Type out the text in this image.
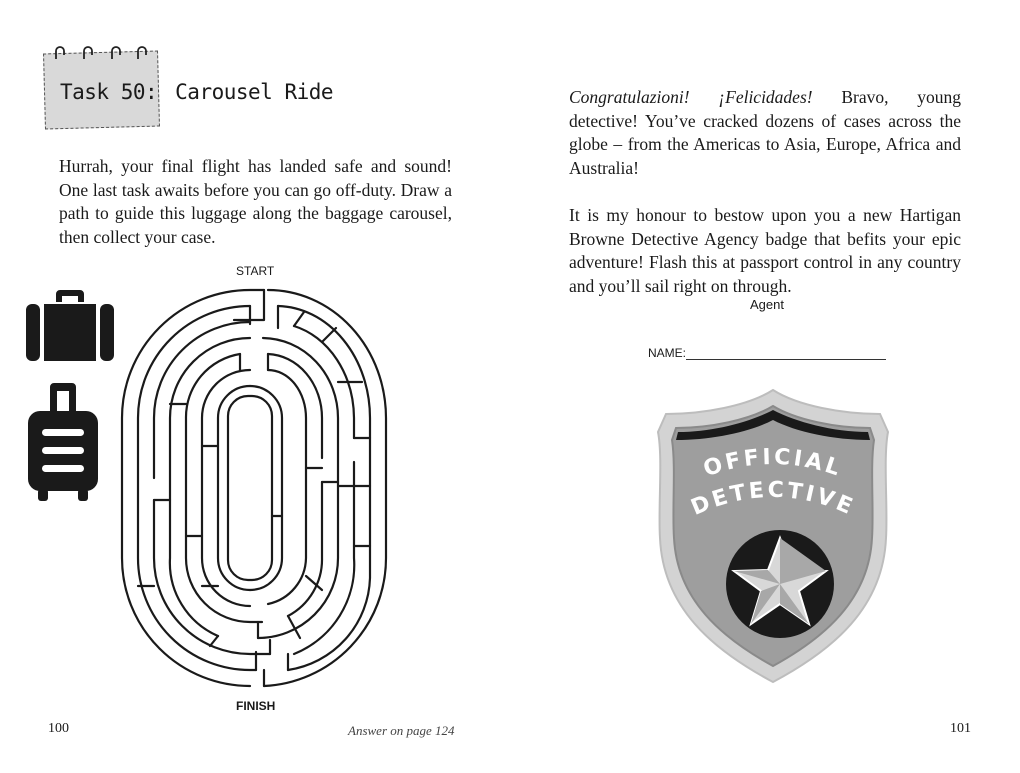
Task 50: Carousel Ride
Hurrah, your final flight has landed safe and sound! One last task awaits before you can go off-duty. Draw a path to guide this luggage along the baggage carousel, then collect your case.
START
FINISH
100	Answer on page 124

Congratulazioni! ¡Felicidades! Bravo, young detective! You’ve cracked dozens of cases across the globe – from the Americas to Asia, Europe, Africa and Australia!

It is my honour to bestow upon you a new Hartigan Browne Detective Agency badge that befits your epic adventure! Flash this at passport control in any country and you’ll sail right on through.

Agent
NAME:
OFFICIAL
DETECTIVE
101
